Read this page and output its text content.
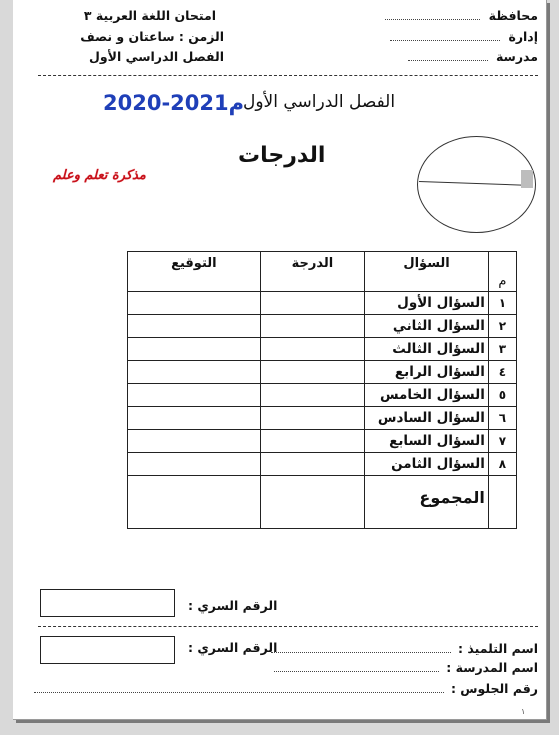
محافظة
إدارة
مدرسة
امتحان اللغة العربية ٣
الزمن : ساعتان و نصف
الفصل الدراسي الأول
الفصل الدراسي الأول
2020-2021م
الدرجات
مذكرة تعلم وعلم
م	السؤال	الدرجة	التوقيع
١	السؤال الأول		
٢	السؤال الثاني		
٣	السؤال الثالث		
٤	السؤال الرابع		
٥	السؤال الخامس		
٦	السؤال السادس		
٧	السؤال السابع		
٨	السؤال الثامن		
	المجموع		
الرقم السري :
الرقم السري :	اسم التلميذ :
اسم المدرسة :
رقم الجلوس :
١
